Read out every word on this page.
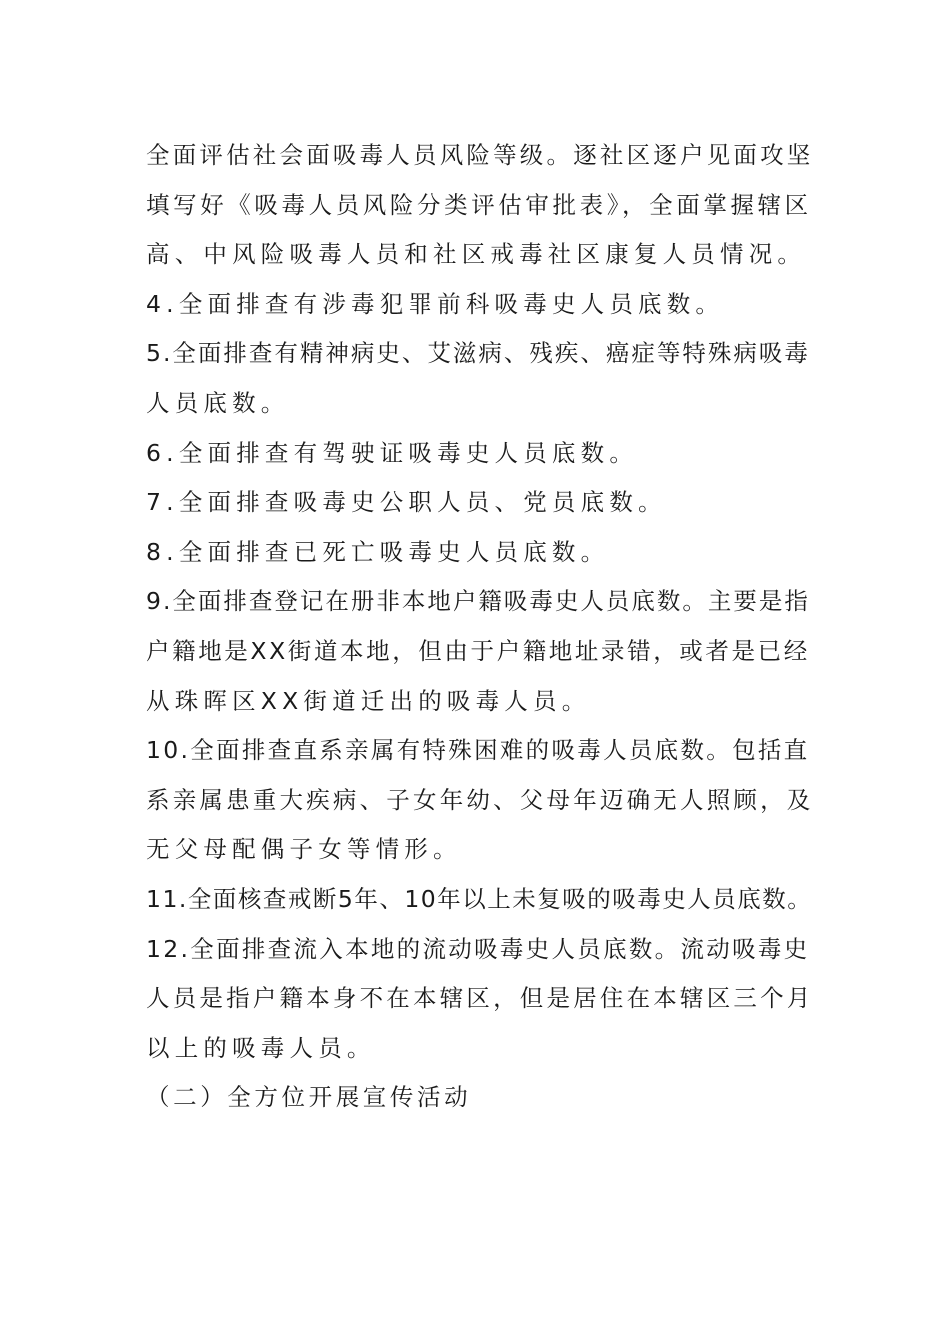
全面评估社会面吸毒人员风险等级。逐社区逐户见面攻坚
填写好《吸毒人员风险分类评估审批表》，全面掌握辖区
高、中风险吸毒人员和社区戒毒社区康复人员情况。
4.全面排查有涉毒犯罪前科吸毒史人员底数。
5.全面排查有精神病史、艾滋病、残疾、癌症等特殊病吸毒
人员底数。
6.全面排查有驾驶证吸毒史人员底数。
7.全面排查吸毒史公职人员、党员底数。
8.全面排查已死亡吸毒史人员底数。
9.全面排查登记在册非本地户籍吸毒史人员底数。主要是指
户籍地是XX街道本地，但由于户籍地址录错，或者是已经
从珠晖区XX街道迁出的吸毒人员。
10.全面排查直系亲属有特殊困难的吸毒人员底数。包括直
系亲属患重大疾病、子女年幼、父母年迈确无人照顾，及
无父母配偶子女等情形。
11.全面核查戒断5年、10年以上未复吸的吸毒史人员底数。
12.全面排查流入本地的流动吸毒史人员底数。流动吸毒史
人员是指户籍本身不在本辖区，但是居住在本辖区三个月
以上的吸毒人员。
（二）全方位开展宣传活动
